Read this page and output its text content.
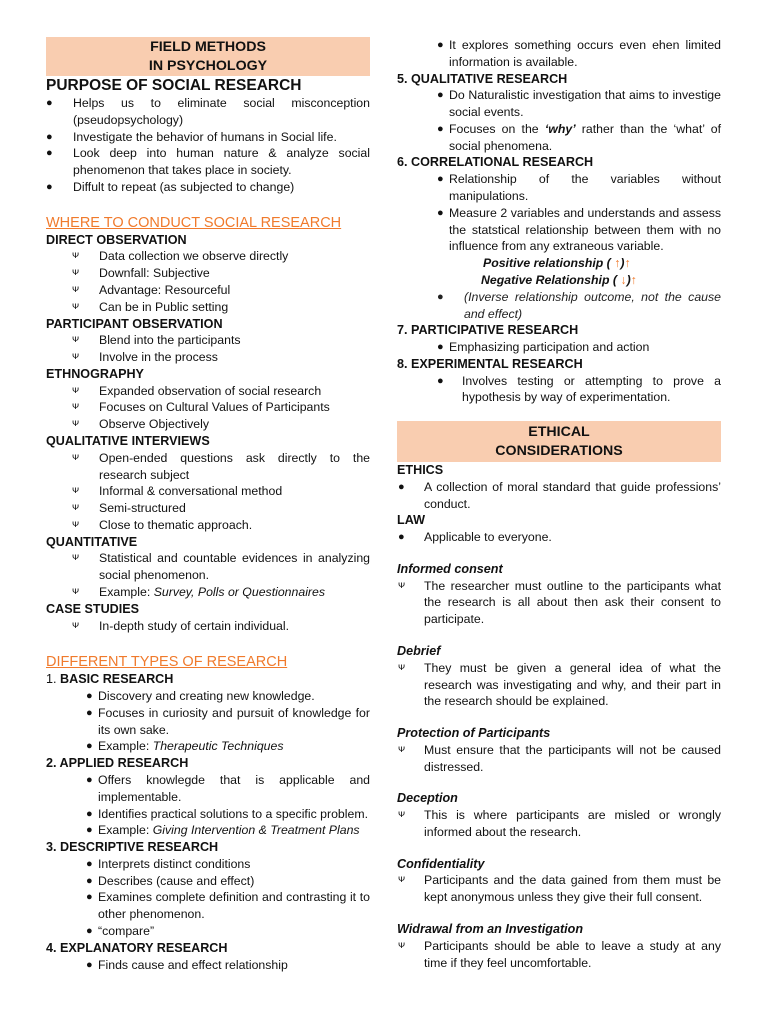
FIELD METHODS
IN PSYCHOLOGY
PURPOSE OF SOCIAL RESEARCH
● Helps us to eliminate social misconception (pseudopsychology)
● Investigate the behavior of humans in Social life.
● Look deep into human nature & analyze social phenomenon that takes place in society.
● Diffult to repeat (as subjected to change)
WHERE TO CONDUCT SOCIAL RESEARCH
DIRECT OBSERVATION
ᴪ Data collection we observe directly
ᴪ Downfall: Subjective
ᴪ Advantage: Resourceful
ᴪ Can be in Public setting
PARTICIPANT OBSERVATION
ᴪ Blend into the participants
ᴪ Involve in the process
ETHNOGRAPHY
ᴪ Expanded observation of social research
ᴪ Focuses on Cultural Values of Participants
ᴪ Observe Objectively
QUALITATIVE INTERVIEWS
ᴪ Open-ended questions ask directly to the research subject
ᴪ Informal & conversational method
ᴪ Semi-structured
ᴪ Close to thematic approach.
QUANTITATIVE
ᴪ Statistical and countable evidences in analyzing social phenomenon.
ᴪ Example: Survey, Polls or Questionnaires
CASE STUDIES
ᴪ In-depth study of certain individual.
DIFFERENT TYPES OF RESEARCH
1. BASIC RESEARCH
● Discovery and creating new knowledge.
● Focuses in curiosity and pursuit of knowledge for its own sake.
● Example: Therapeutic Techniques
2. APPLIED RESEARCH
● Offers knowlegde that is applicable and implementable.
● Identifies practical solutions to a specific problem.
● Example: Giving Intervention & Treatment Plans
3. DESCRIPTIVE RESEARCH
● Interprets distinct conditions
● Describes (cause and effect)
● Examines complete definition and contrasting it to other phenomenon.
● “compare”
4. EXPLANATORY RESEARCH
● Finds cause and effect relationship
● It explores something occurs even ehen limited information is available.
5. QUALITATIVE RESEARCH
● Do Naturalistic investigation that aims to investige social events.
● Focuses on the ‘why’ rather than the ‘what’ of social phenomena.
6. CORRELATIONAL RESEARCH
● Relationship of the variables without manipulations.
● Measure 2 variables and understands and assess the statstical relationship between them with no influence from any extraneous variable.
Positive relationship ( ↑)↑
Negative Relationship ( ↓)↑
● (Inverse relationship outcome, not the cause and effect)
7. PARTICIPATIVE RESEARCH
● Emphasizing participation and action
8. EXPERIMENTAL RESEARCH
● Involves testing or attempting to prove a hypothesis by way of experimentation.
ETHICAL
CONSIDERATIONS
ETHICS
● A collection of moral standard that guide professions’ conduct.
LAW
● Applicable to everyone.
Informed consent
ᴪ The researcher must outline to the participants what the research is all about then ask their consent to participate.
Debrief
ᴪ They must be given a general idea of what the research was investigating and why, and their part in the research should be explained.
Protection of Participants
ᴪ Must ensure that the participants will not be caused distressed.
Deception
ᴪ This is where participants are misled or wrongly informed about the research.
Confidentiality
ᴪ Participants and the data gained from them must be kept anonymous unless they give their full consent.
Widrawal from an Investigation
ᴪ Participants should be able to leave a study at any time if they feel uncomfortable.
